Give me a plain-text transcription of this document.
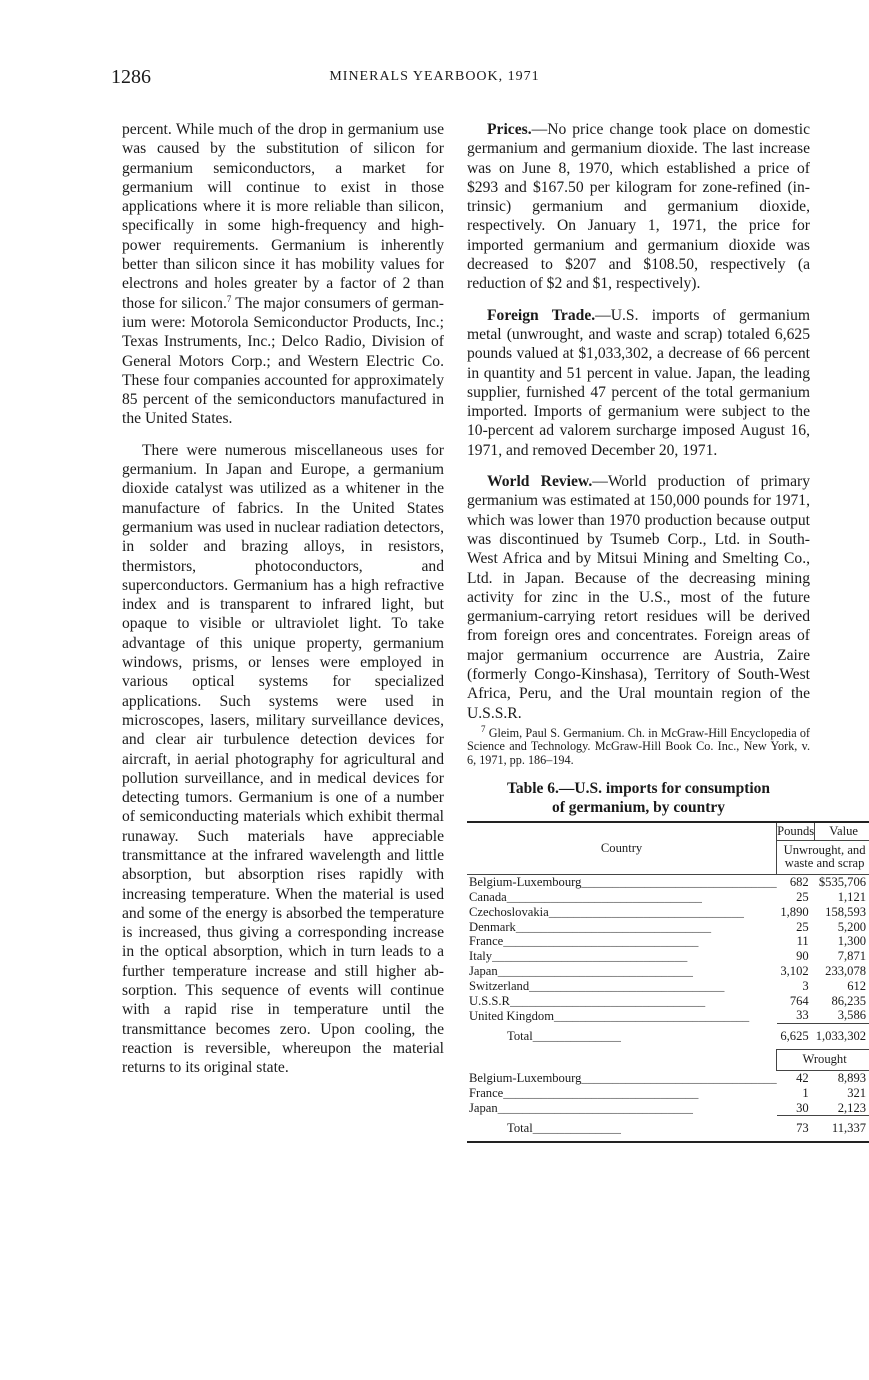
1286	MINERALS YEARBOOK, 1971

percent. While much of the drop in germanium use was caused by the substitution of silicon for germanium semiconductors, a market for germanium will continue to exist in those applications where it is more reliable than silicon, specifically in some high-frequency and high-power requirements. Germanium is inherently better than silicon since it has mobility values for electrons and holes greater by a factor of 2 than those for silicon.$^7$ The major consumers of germanium were: Motorola Semiconductor Products, Inc.; Texas Instruments, Inc.; Delco Radio, Division of General Motors Corp.; and Western Electric Co. These four companies accounted for approximately 85 percent of the semiconductors manufactured in the United States.

There were numerous miscellaneous uses for germanium. In Japan and Europe, a germanium dioxide catalyst was utilized as a whitener in the manufacture of fabrics. In the United States germanium was used in nuclear radiation detectors, in solder and brazing alloys, in resistors, thermistors, photoconductors, and superconductors. Germanium has a high refractive index and is transparent to infrared light, but opaque to visible or ultraviolet light. To take advantage of this unique property, germanium windows, prisms, or lenses were employed in various optical systems for specialized applications. Such systems were used in microscopes, lasers, military surveillance devices, and clear air turbulence detection devices for aircraft, in aerial photography for agricultural and pollution surveillance, and in medical devices for detecting tumors. Germanium is one of a number of semiconducting materials which exhibit thermal runaway. Such materials have appreciable transmittance at the infrared wavelength and little absorption, but absorption rises rapidly with increasing temperature. When the material is used and some of the energy is absorbed the temperature is increased, thus giving a corresponding increase in the optical absorption, which in turn leads to a further temperature increase and still higher absorption. This sequence of events will continue with a rapid rise in temperature until the transmittance becomes zero. Upon cooling, the reaction is reversible, whereupon the material returns to its original state.

Prices.—No price change took place on domestic germanium and germanium dioxide. The last increase was on June 8, 1970, which established a price of $293 and $167.50 per kilogram for zone-refined (intrinsic) germanium and germanium dioxide, respectively. On January 1, 1971, the price for imported germanium and germanium dioxide was decreased to $207 and $108.50, respectively (a reduction of $2 and $1, respectively).

Foreign Trade.—U.S. imports of germanium metal (unwrought, and waste and scrap) totaled 6,625 pounds valued at $1,033,302, a decrease of 66 percent in quantity and 51 percent in value. Japan, the leading supplier, furnished 47 percent of the total germanium imported. Imports of germanium were subject to the 10-percent ad valorem surcharge imposed August 16, 1971, and removed December 20, 1971.

World Review.—World production of primary germanium was estimated at 150,000 pounds for 1971, which was lower than 1970 production because output was discontinued by Tsumeb Corp., Ltd. in South-West Africa and by Mitsui Mining and Smelting Co., Ltd. in Japan. Because of the decreasing mining activity for zinc in the U.S., most of the future germanium-carrying retort residues will be derived from foreign ores and concentrates. Foreign areas of major germanium occurrence are Austria, Zaire (formerly Congo-Kinshasa), Territory of South-West Africa, Peru, and the Ural mountain region of the U.S.S.R.

$^7$ Gleim, Paul S. Germanium. Ch. in McGraw-Hill Encyclopedia of Science and Technology. McGraw-Hill Book Co. Inc., New York, v. 6, 1971, pp. 186–194.
Table 6.—U.S. imports for consumption
of germanium, by country
Country	Pounds	Value
	Unwrought, and waste and scrap	
Belgium-Luxembourg_______________________________	682	$535,706
Canada_______________________________	25	1,121
Czechoslovakia_______________________________	1,890	158,593
Denmark_______________________________	25	5,200
France_______________________________	11	1,300
Italy_______________________________	90	7,871
Japan_______________________________	3,102	233,078
Switzerland_______________________________	3	612
U.S.S.R_______________________________	764	86,235
United Kingdom_______________________________	33	3,586
Total______________	6,625	1,033,302
	Wrought	
Belgium-Luxembourg_______________________________	42	8,893
France_______________________________	1	321
Japan_______________________________	30	2,123
Total______________	73	11,337
